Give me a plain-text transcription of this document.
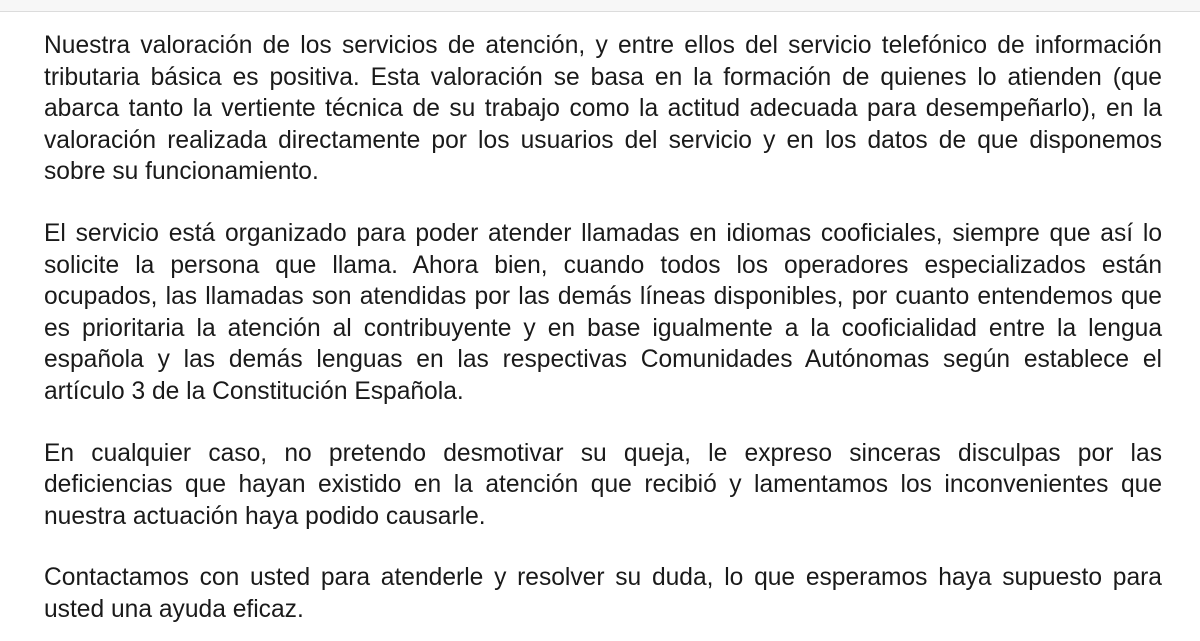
Nuestra valoración de los servicios de atención, y entre ellos del servicio telefónico de información tributaria básica es positiva. Esta valoración se basa en la formación de quienes lo atienden (que abarca tanto la vertiente técnica de su trabajo como la actitud adecuada para desempeñarlo), en la valoración realizada directamente por los usuarios del servicio y en los datos de que disponemos sobre su funcionamiento.

El servicio está organizado para poder atender llamadas en idiomas cooficiales, siempre que así lo solicite la persona que llama. Ahora bien, cuando todos los operadores especializados están ocupados, las llamadas son atendidas por las demás líneas disponibles, por cuanto entendemos que es prioritaria la atención al contribuyente y en base igualmente a la cooficialidad entre la lengua española y las demás lenguas en las respectivas Comunidades Autónomas según establece el artículo 3 de la Constitución Española.

En cualquier caso, no pretendo desmotivar su queja, le expreso sinceras disculpas por las deficiencias que hayan existido en la atención que recibió y lamentamos los inconvenientes que nuestra actuación haya podido causarle.

Contactamos con usted para atenderle y resolver su duda, lo que esperamos haya supuesto para usted una ayuda eficaz.
